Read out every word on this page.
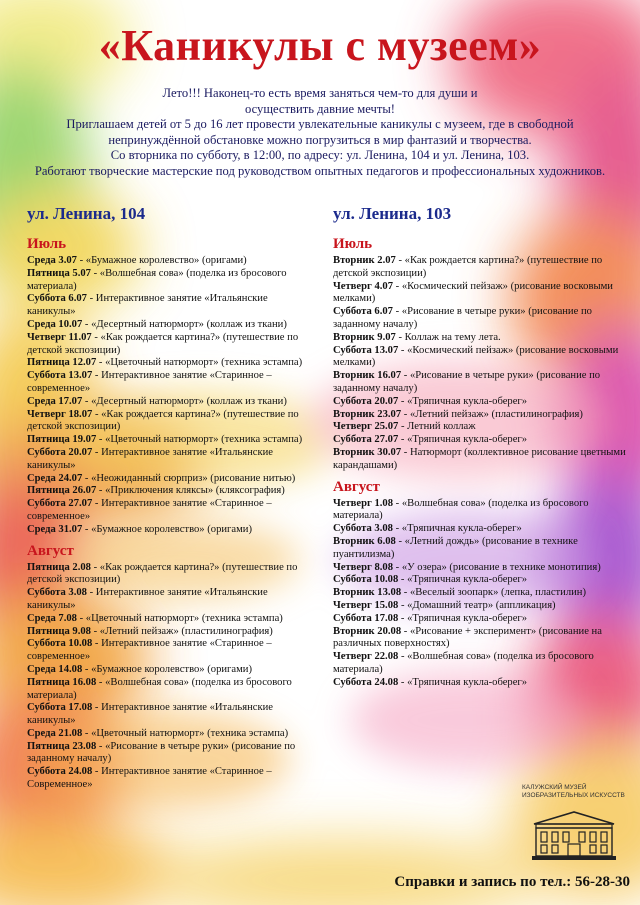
«Каникулы с музеем»
Лето!!! Наконец-то есть время заняться чем-то для души и
осуществить давние мечты!
Приглашаем детей от 5 до 16 лет провести увлекательные каникулы с музеем, где в свободной
непринуждённой обстановке можно погрузиться в мир фантазий и творчества.
Со вторника по субботу, в 12:00, по адресу: ул. Ленина, 104 и ул. Ленина, 103.
Работают творческие мастерские под руководством опытных педагогов и профессиональных художников.
ул. Ленина, 104
Июль
Среда 3.07 - «Бумажное королевство» (оригами)
Пятница 5.07 - «Волшебная сова» (поделка из бросового материала)
Суббота 6.07 - Интерактивное занятие «Итальянские каникулы»
Среда 10.07 - «Десертный натюрморт» (коллаж из ткани)
Четверг 11.07 - «Как рождается картина?» (путешествие по детской экспозиции)
Пятница 12.07 - «Цветочный натюрморт» (техника эстампа)
Суббота 13.07 - Интерактивное занятие «Старинное – современное»
Среда 17.07 - «Десертный натюрморт» (коллаж из ткани)
Четверг 18.07 - «Как рождается картина?» (путешествие по детской экспозиции)
Пятница 19.07 - «Цветочный натюрморт» (техника эстампа)
Суббота 20.07 - Интерактивное занятие «Итальянские каникулы»
Среда 24.07 - «Неожиданный сюрприз» (рисование нитью)
Пятница 26.07 - «Приключения кляксы» (кляксография)
Суббота 27.07 - Интерактивное занятие «Старинное – современное»
Среда 31.07 - «Бумажное королевство» (оригами)
Август
Пятница 2.08 - «Как рождается картина?» (путешествие по детской экспозиции)
Суббота 3.08 - Интерактивное занятие «Итальянские каникулы»
Среда 7.08 - «Цветочный натюрморт» (техника эстампа)
Пятница 9.08 - «Летний пейзаж» (пластилинография)
Суббота 10.08 - Интерактивное занятие «Старинное – современное»
Среда 14.08 - «Бумажное королевство» (оригами)
Пятница 16.08 - «Волшебная сова» (поделка из бросового материала)
Суббота 17.08 - Интерактивное занятие «Итальянские каникулы»
Среда 21.08 - «Цветочный натюрморт» (техника эстампа)
Пятница 23.08 - «Рисование в четыре руки» (рисование по заданному началу)
Суббота 24.08 - Интерактивное занятие «Старинное – Современное»
ул. Ленина, 103
Июль
Вторник 2.07 - «Как рождается картина?» (путешествие по детской экспозиции)
Четверг 4.07 - «Космический пейзаж» (рисование восковыми мелками)
Суббота 6.07 - «Рисование в четыре руки» (рисование по заданному началу)
Вторник 9.07 - Коллаж на тему лета.
Суббота 13.07 - «Космический пейзаж» (рисование восковыми мелками)
Вторник 16.07 - «Рисование в четыре руки» (рисование по заданному началу)
Суббота 20.07 - «Тряпичная кукла-оберег»
Вторник 23.07 - «Летний пейзаж» (пластилинография)
Четверг 25.07 - Летний коллаж
Суббота 27.07 - «Тряпичная кукла-оберег»
Вторник 30.07 - Натюрморт (коллективное рисование цветными карандашами)
Август
Четверг 1.08 - «Волшебная сова» (поделка из бросового материала)
Суббота 3.08 - «Тряпичная кукла-оберег»
Вторник 6.08 - «Летний дождь» (рисование в технике пуантилизма)
Четверг 8.08 - «У озера» (рисование в технике монотипия)
Суббота 10.08 - «Тряпичная кукла-оберег»
Вторник 13.08 - «Веселый зоопарк» (лепка, пластилин)
Четверг 15.08 - «Домашний театр» (аппликация)
Суббота 17.08 - «Тряпичная кукла-оберег»
Вторник 20.08 - «Рисование + эксперимент» (рисование на различных поверхностях)
Четверг 22.08 - «Волшебная сова» (поделка из бросового материала)
Суббота 24.08 - «Тряпичная кукла-оберег»
КАЛУЖСКИЙ МУЗЕЙ
ИЗОБРАЗИТЕЛЬНЫХ ИСКУССТВ
Справки и запись по тел.: 56-28-30
